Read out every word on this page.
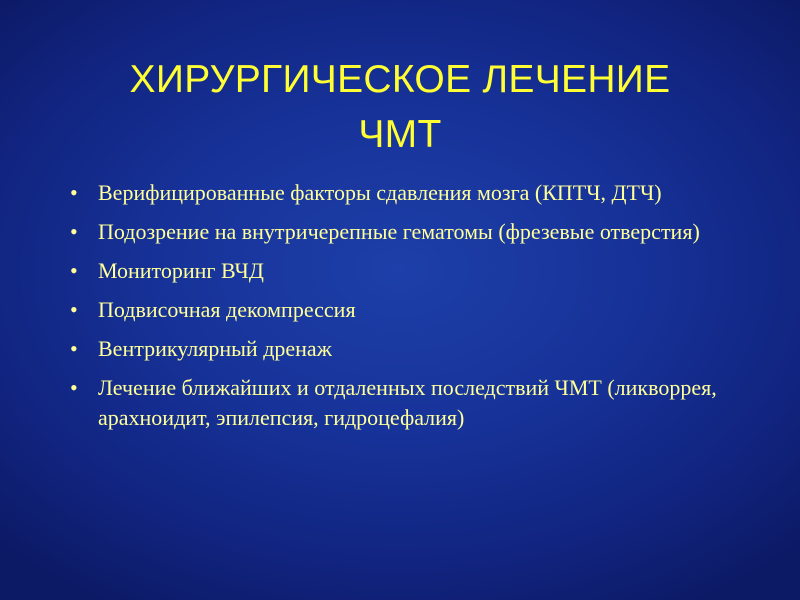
ХИРУРГИЧЕСКОЕ ЛЕЧЕНИЕ
ЧМТ
• Верифицированные факторы сдавления мозга (КПТЧ, ДТЧ)
• Подозрение на внутричерепные гематомы (фрезевые отверстия)
• Мониторинг ВЧД
• Подвисочная декомпрессия
• Вентрикулярный дренаж
• Лечение ближайших и отдаленных последствий ЧМТ (ликворрея, арахноидит, эпилепсия, гидроцефалия)
